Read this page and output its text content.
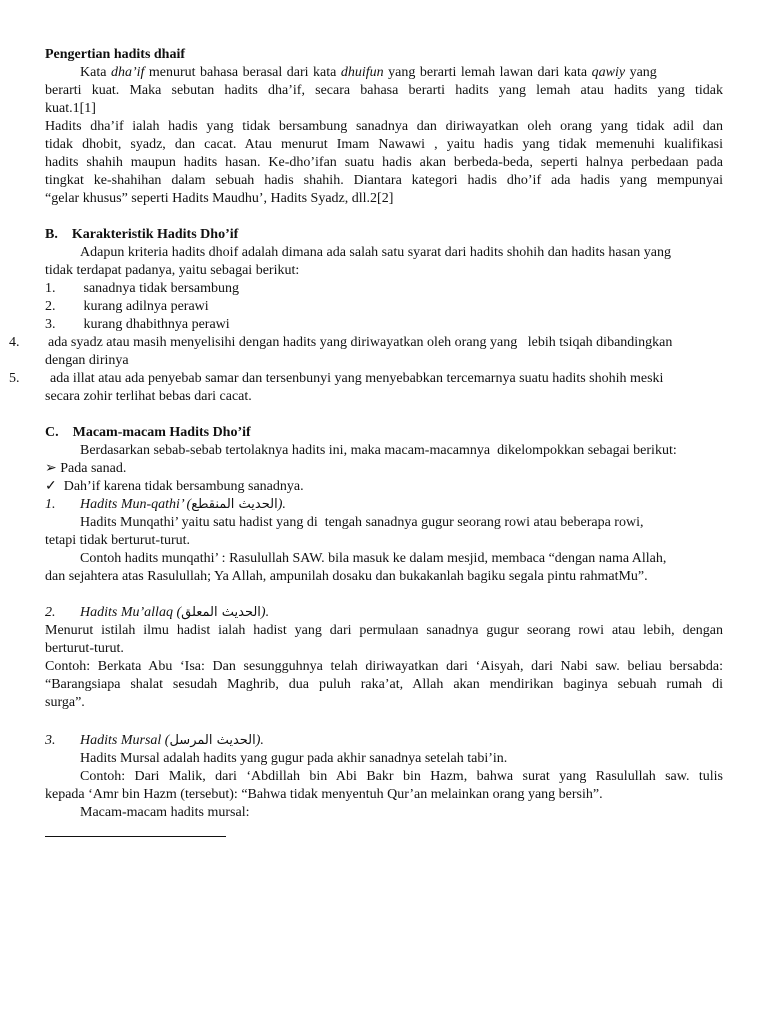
Pengertian hadits dhaif
Kata dha’if menurut bahasa berasal dari kata dhuifun yang berarti lemah lawan dari kata qawiy yang
berarti kuat. Maka sebutan hadits dha’if, secara bahasa berarti hadits yang lemah atau hadits yang tidak
kuat.1[1]
Hadits dha’if ialah hadis yang tidak bersambung sanadnya dan diriwayatkan oleh orang yang tidak adil dan
tidak dhobit, syadz, dan cacat. Atau menurut Imam Nawawi , yaitu hadis yang tidak memenuhi kualifikasi
hadits shahih maupun hadits hasan. Ke-dho’ifan suatu hadis akan berbeda-beda, seperti halnya perbedaan pada
tingkat ke-shahihan dalam sebuah hadis shahih. Diantara kategori hadis dho’if ada hadis yang mempunyai
“gelar khusus” seperti Hadits Maudhu’, Hadits Syadz, dll.2[2]
B.    Karakteristik Hadits Dho’if
Adapun kriteria hadits dhoif adalah dimana ada salah satu syarat dari hadits shohih dan hadits hasan yang
tidak terdapat padanya, yaitu sebagai berikut:
1.        sanadnya tidak bersambung
2.        kurang adilnya perawi
3.        kurang dhabithnya perawi
4.	ada syadz atau masih menyelisihi dengan hadits yang diriwayatkan oleh orang yang   lebih tsiqah dibandingkan
dengan dirinya
5.	ada illat atau ada penyebab samar dan tersenbunyi yang menyebabkan tercemarnya suatu hadits shohih meski
secara zohir terlihat bebas dari cacat.
C.    Macam-macam Hadits Dho’if
Berdasarkan sebab-sebab tertolaknya hadits ini, maka macam-macamnya  dikelompokkan sebagai berikut:
➢ Pada sanad.
✓  Dah’if karena tidak bersambung sanadnya.
1.       Hadits Mun-qathi’ (الحديث المنقطع).
Hadits Munqathi’ yaitu satu hadist yang di  tengah sanadnya gugur seorang rowi atau beberapa rowi,
tetapi tidak berturut-turut.
Contoh hadits munqathi’ : Rasulullah SAW. bila masuk ke dalam mesjid, membaca “dengan nama Allah,
dan sejahtera atas Rasulullah; Ya Allah, ampunilah dosaku dan bukakanlah bagiku segala pintu rahmatMu”.
2.       Hadits Mu’allaq (الحديث المعلق).
Menurut istilah ilmu hadist ialah hadist yang dari permulaan sanadnya gugur seorang rowi atau lebih, dengan
berturut-turut.
Contoh: Berkata Abu ‘Isa: Dan sesungguhnya telah diriwayatkan dari ‘Aisyah, dari Nabi saw. beliau bersabda:
“Barangsiapa shalat sesudah Maghrib, dua puluh raka’at, Allah akan mendirikan baginya sebuah rumah di
surga”.
3.       Hadits Mursal (الحديث المرسل).
Hadits Mursal adalah hadits yang gugur pada akhir sanadnya setelah tabi’in.
Contoh: Dari Malik, dari ‘Abdillah bin Abi Bakr bin Hazm, bahwa surat yang Rasulullah saw. tulis
kepada ‘Amr bin Hazm (tersebut): “Bahwa tidak menyentuh Qur’an melainkan orang yang bersih”.
Macam-macam hadits mursal:
